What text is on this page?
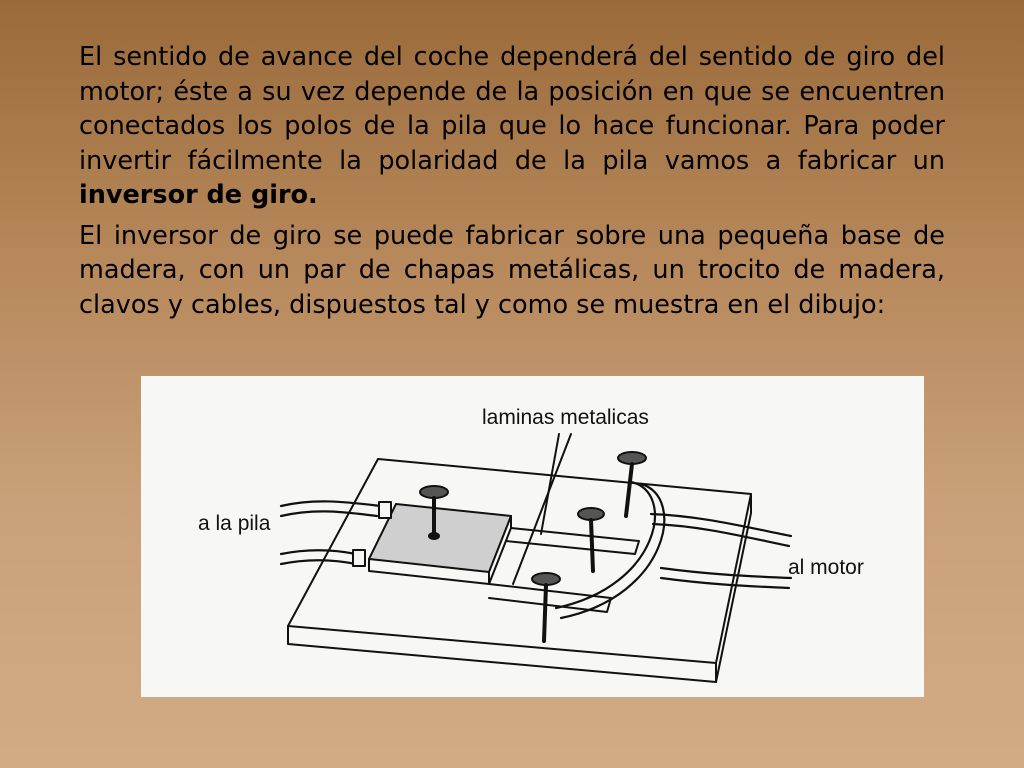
El sentido de avance del coche dependerá del sentido de giro del motor; éste a su vez depende de la posición en que se encuentren conectados los polos de la pila que lo hace funcionar. Para poder invertir fácilmente la polaridad de la pila vamos a fabricar un inversor de giro.

El inversor de giro se puede fabricar sobre una pequeña base de madera, con un par de chapas metálicas, un trocito de madera, clavos y cables, dispuestos tal y como se muestra en el dibujo:

laminas metalicas
a la pila
al motor
